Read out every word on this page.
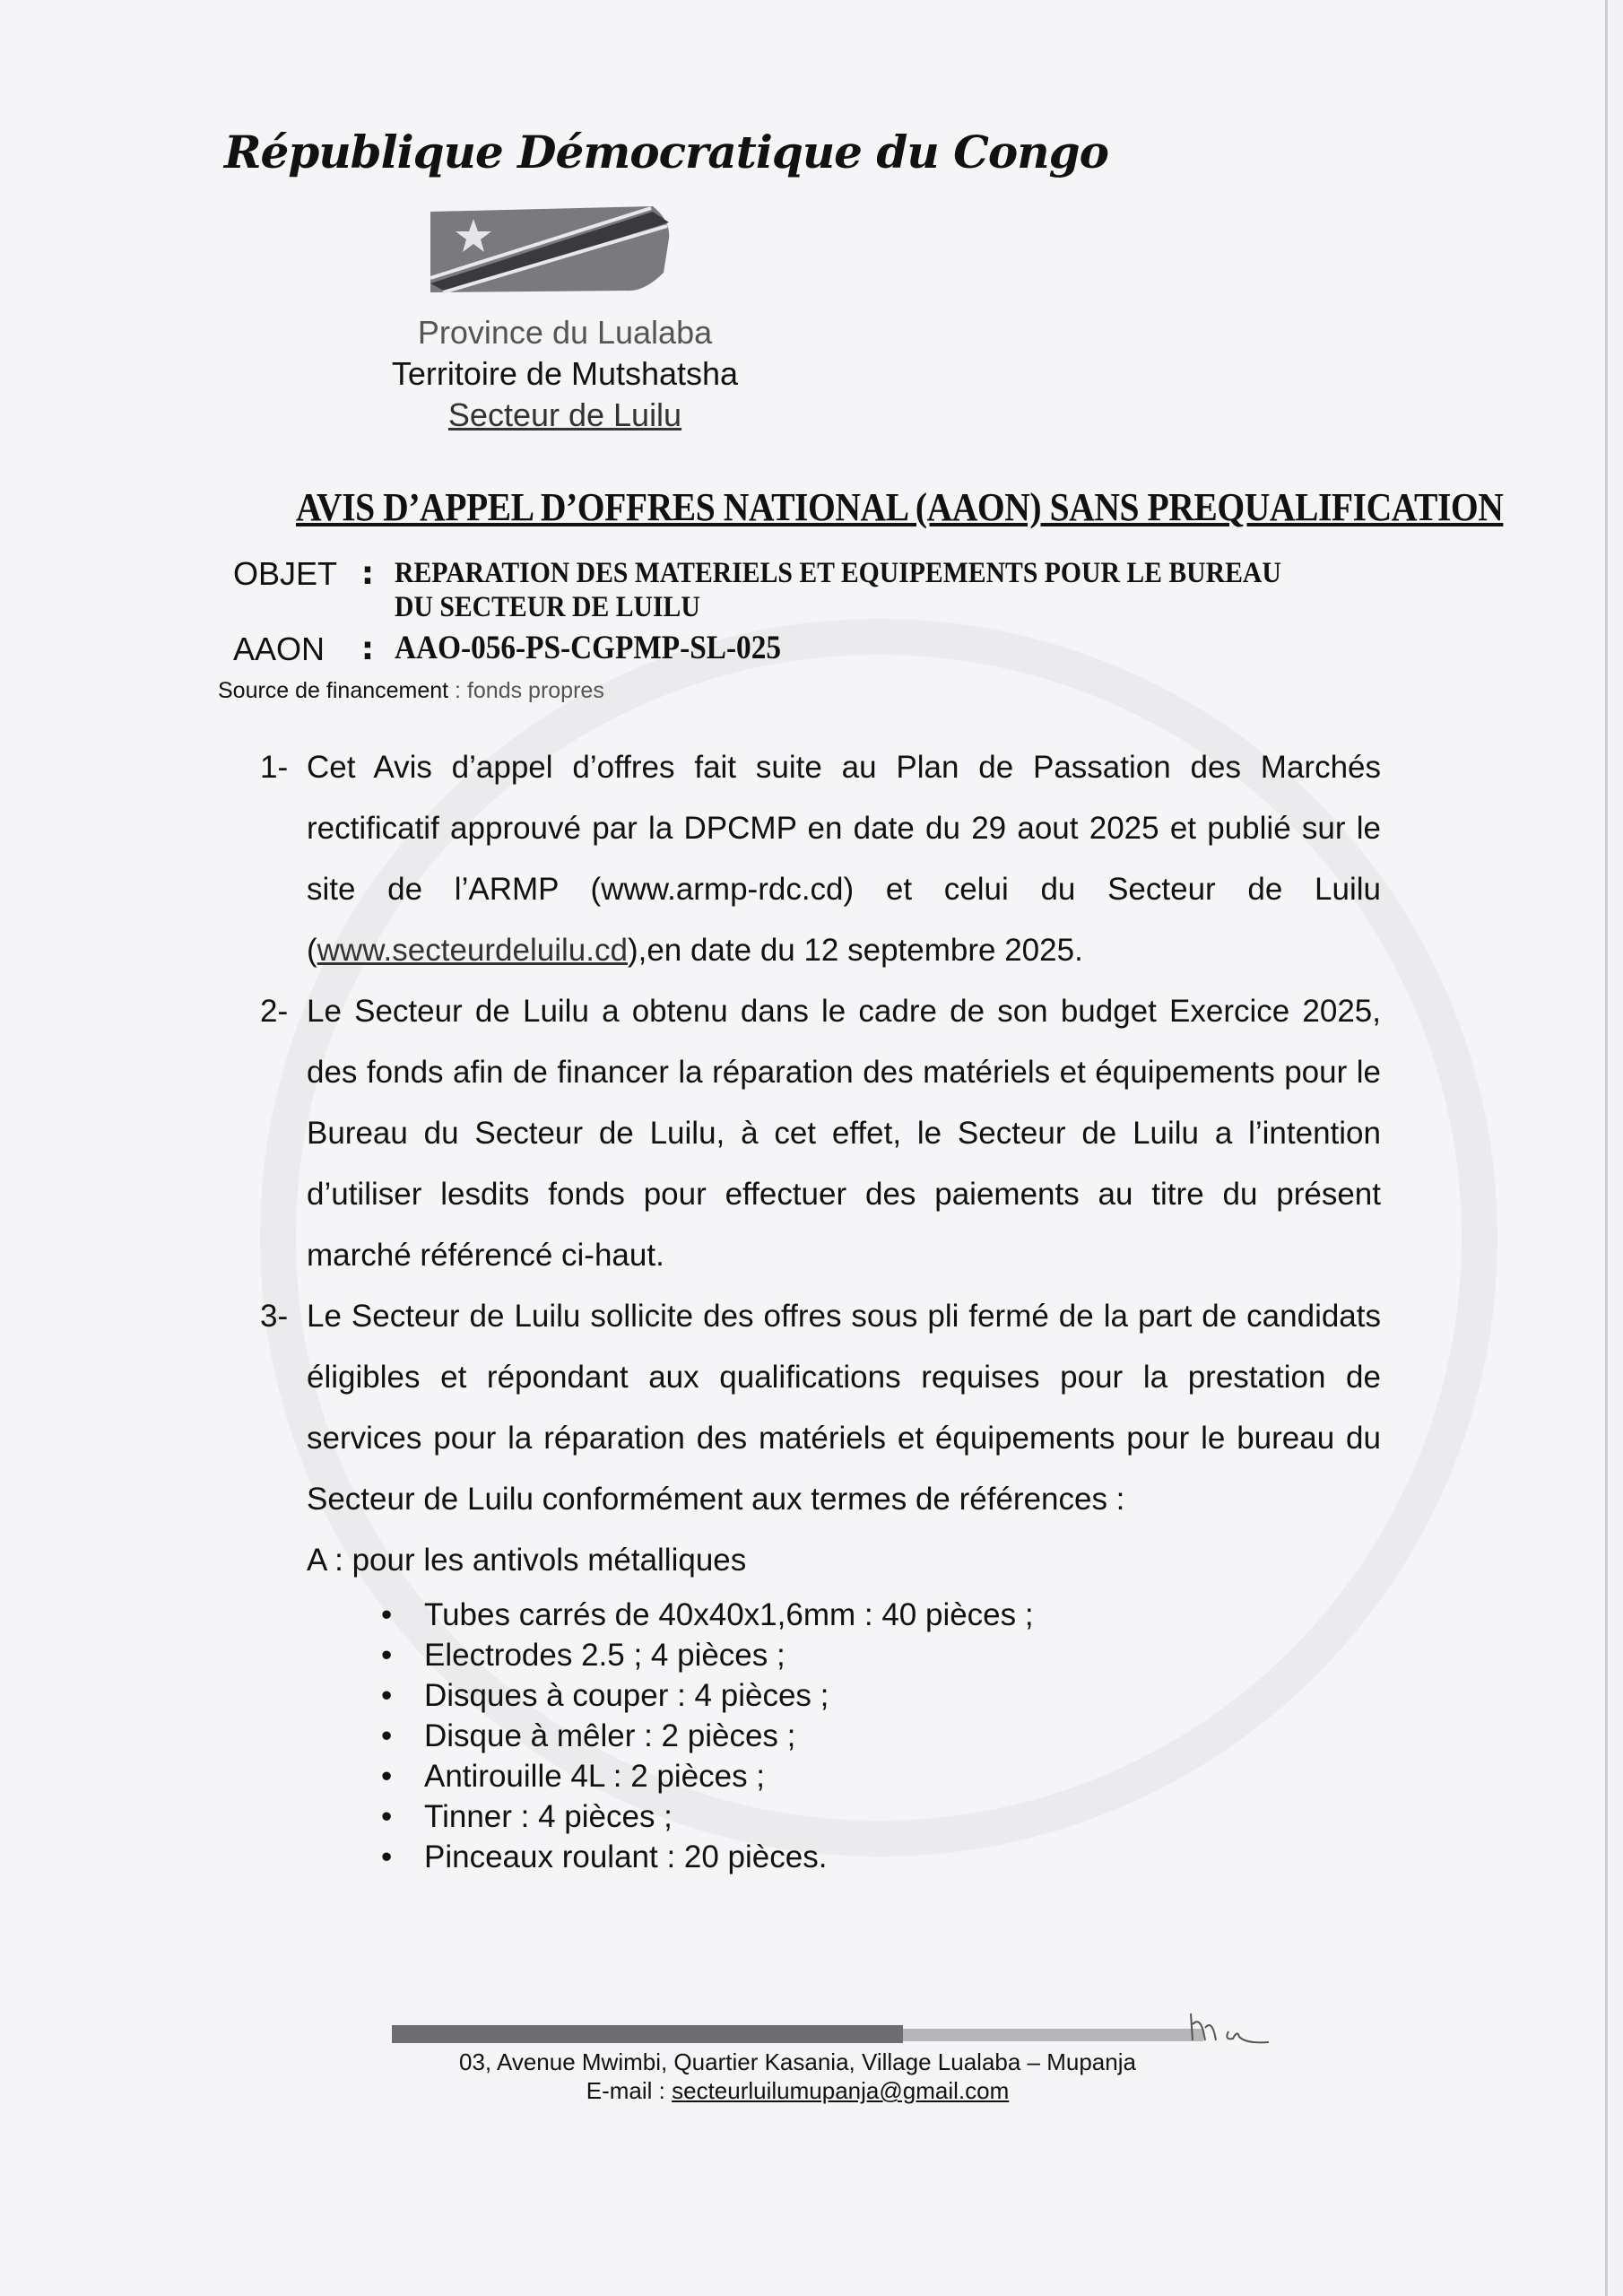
République Démocratique du Congo
Province du Lualaba
Territoire de Mutshatsha
Secteur de Luilu
AVIS D’APPEL D’OFFRES NATIONAL (AAON) SANS PREQUALIFICATION
OBJET : REPARATION DES MATERIELS ET EQUIPEMENTS POUR LE BUREAU DU SECTEUR DE LUILU
AAON	: AAO-056-PS-CGPMP-SL-025
Source de financement : fonds propres
1- Cet Avis d’appel d’offres fait suite au Plan de Passation des Marchés rectificatif approuvé par la DPCMP en date du 29 aout 2025 et publié sur le site de l’ARMP (www.armp-rdc.cd) et celui du Secteur de Luilu (www.secteurdeluilu.cd),en date du 12 septembre 2025.
2- Le Secteur de Luilu a obtenu dans le cadre de son budget Exercice 2025, des fonds afin de financer la réparation des matériels et équipements pour le Bureau du Secteur de Luilu, à cet effet, le Secteur de Luilu a l’intention d’utiliser lesdits fonds pour effectuer des paiements au titre du présent marché référencé ci-haut.
3- Le Secteur de Luilu sollicite des offres sous pli fermé de la part de candidats éligibles et répondant aux qualifications requises pour la prestation de services pour la réparation des matériels et équipements pour le bureau du Secteur de Luilu conformément aux termes de références :
A : pour les antivols métalliques
•	Tubes carrés de 40x40x1,6mm : 40 pièces ;
•	Electrodes 2.5 ; 4 pièces ;
•	Disques à couper : 4 pièces ;
•	Disque à mêler : 2 pièces ;
•	Antirouille 4L : 2 pièces ;
•	Tinner : 4 pièces ;
•	Pinceaux roulant : 20 pièces.
03, Avenue Mwimbi, Quartier Kasania, Village Lualaba – Mupanja
E-mail : secteurluilumupanja@gmail.com
